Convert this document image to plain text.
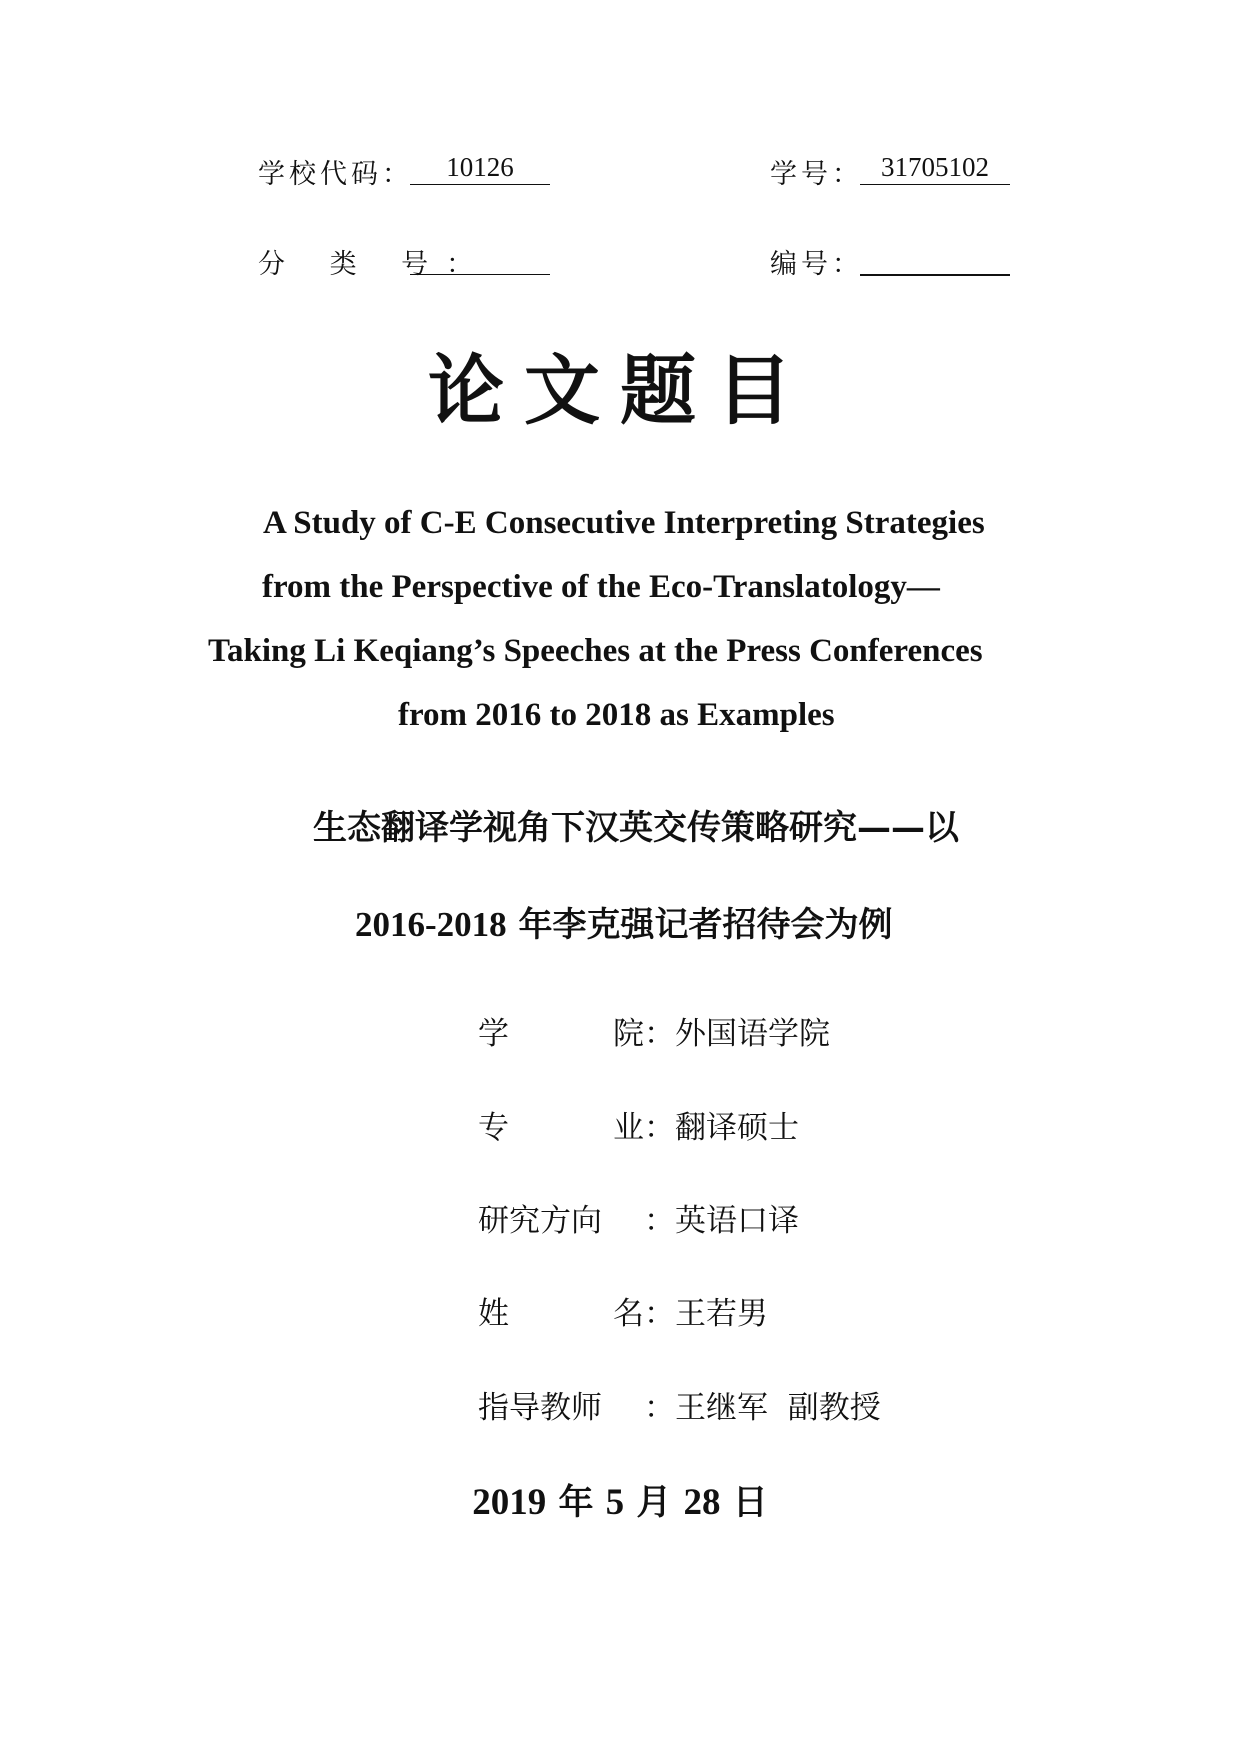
学校代码：	10126	学号： 31705102
分 类 号：	编号：
论文题目
A Study of C-E Consecutive Interpreting Strategies
from the Perspective of the Eco-Translatology—
Taking Li Keqiang’s Speeches at the Press Conferences
from 2016 to 2018 as Examples
生态翻译学视角下汉英交传策略研究——以
2016-2018 年李克强记者招待会为例
学	院 ：外国语学院
专	业 ：翻译硕士
研究方向	：英语口译
姓	名 ：王若男
指导教师	：王继军  副教授
2019 年 5 月 28 日
